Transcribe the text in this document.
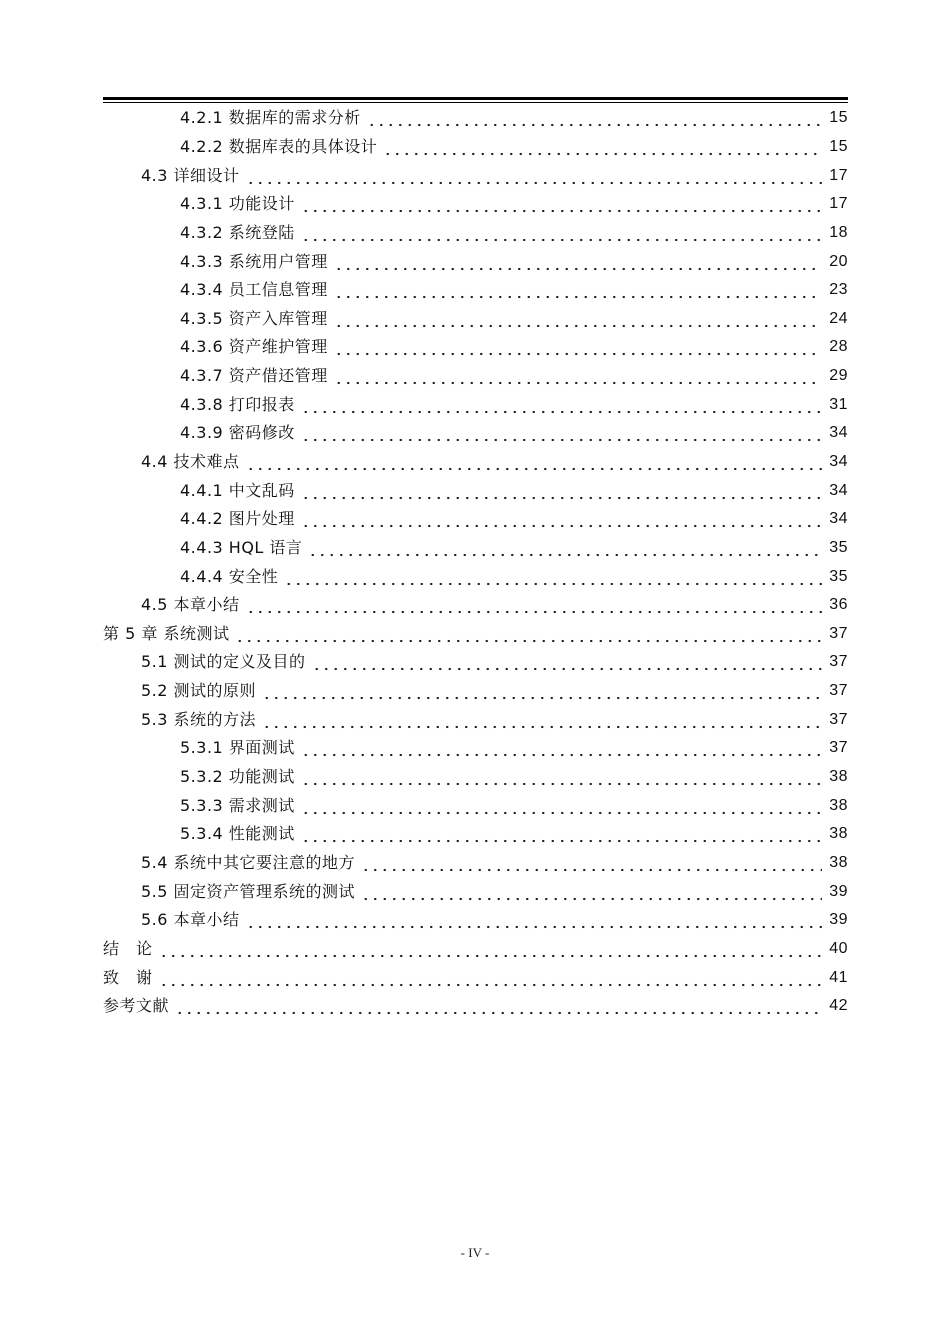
4.2.1 数据库的需求分析	15
4.2.2 数据库表的具体设计	15
4.3 详细设计	17
4.3.1 功能设计	17
4.3.2 系统登陆	18
4.3.3 系统用户管理	20
4.3.4 员工信息管理	23
4.3.5 资产入库管理	24
4.3.6 资产维护管理	28
4.3.7 资产借还管理	29
4.3.8 打印报表	31
4.3.9 密码修改	34
4.4 技术难点	34
4.4.1 中文乱码	34
4.4.2 图片处理	34
4.4.3 HQL 语言	35
4.4.4 安全性	35
4.5 本章小结	36
第 5 章 系统测试	37
5.1 测试的定义及目的	37
5.2 测试的原则	37
5.3 系统的方法	37
5.3.1 界面测试	37
5.3.2 功能测试	38
5.3.3 需求测试	38
5.3.4 性能测试	38
5.4 系统中其它要注意的地方	38
5.5 固定资产管理系统的测试	39
5.6 本章小结	39
结　论	40
致　谢	41
参考文献	42
- IV -
